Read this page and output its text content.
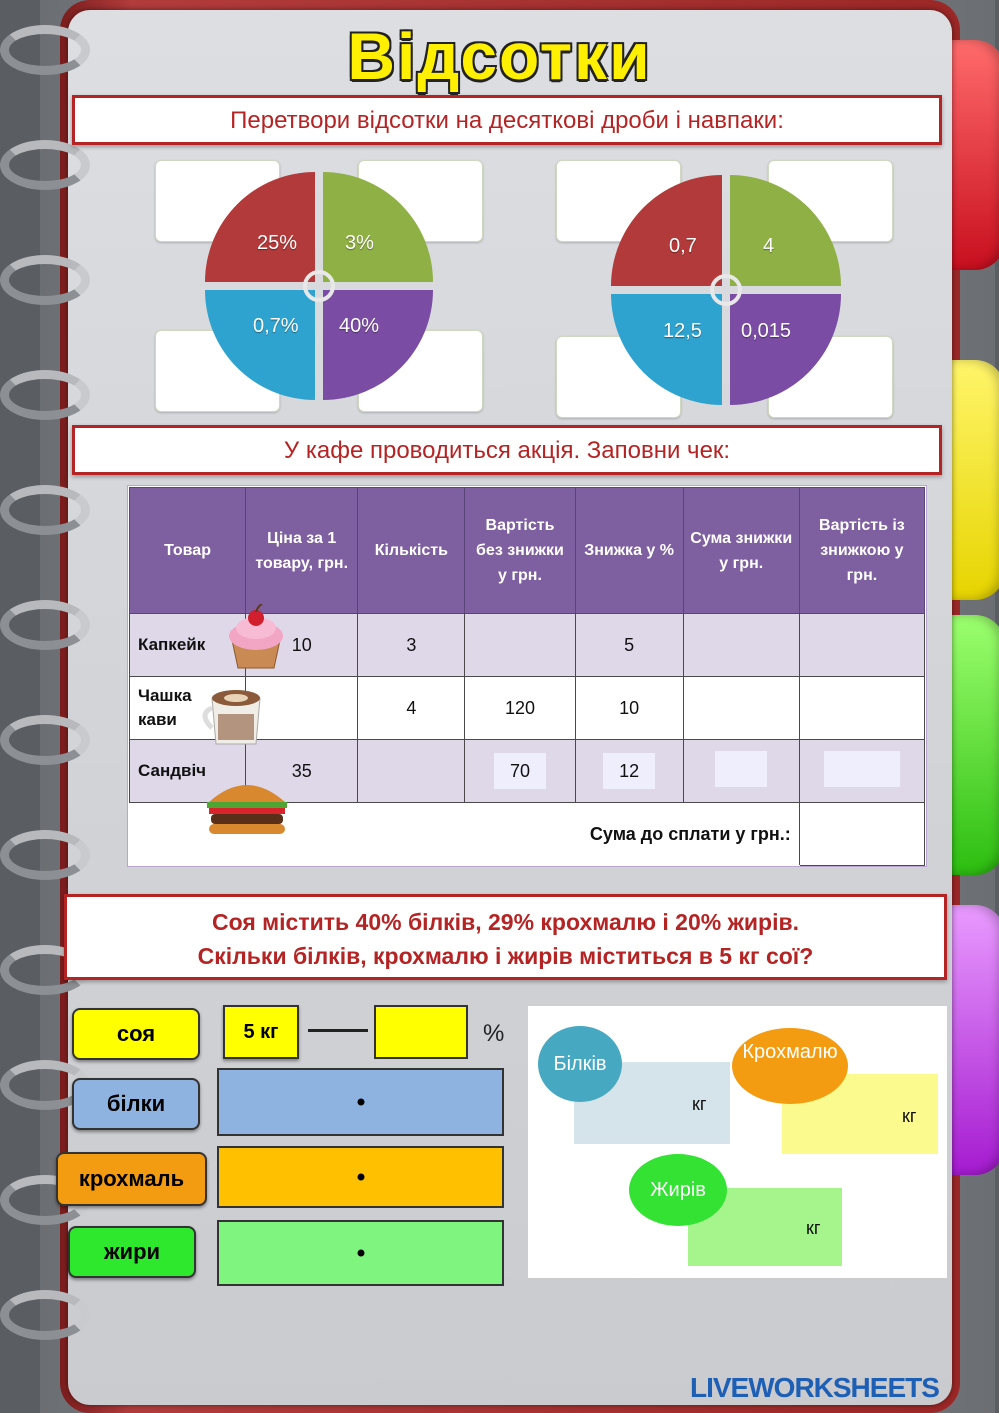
Відсотки
Перетвори відсотки на десяткові дроби і навпаки:
25% 3%
0,7% 40%
0,7	4
12,5 0,015
У кафе проводиться акція. Заповни чек:
Товар	Ціна за 1 товару, грн.	Кількість	Вартість без знижки у грн.	Знижка у %	Сума знижки у грн.	Вартість із знижкою у грн.
Капкейк	10	3		5		
Чашка кави		4	120	10		
Сандвіч	35		70	12		
Сума до сплати у грн.:						
Соя містить 40% білків, 29% крохмалю і 20% жирів.
Скільки білків, крохмалю і жирів міститься в 5 кг сої?
соя
білки
крохмаль
жири
5 кг	%
Білків
кг
Крохмалю
кг
Жирів
кг
LIVEWORKSHEETS
